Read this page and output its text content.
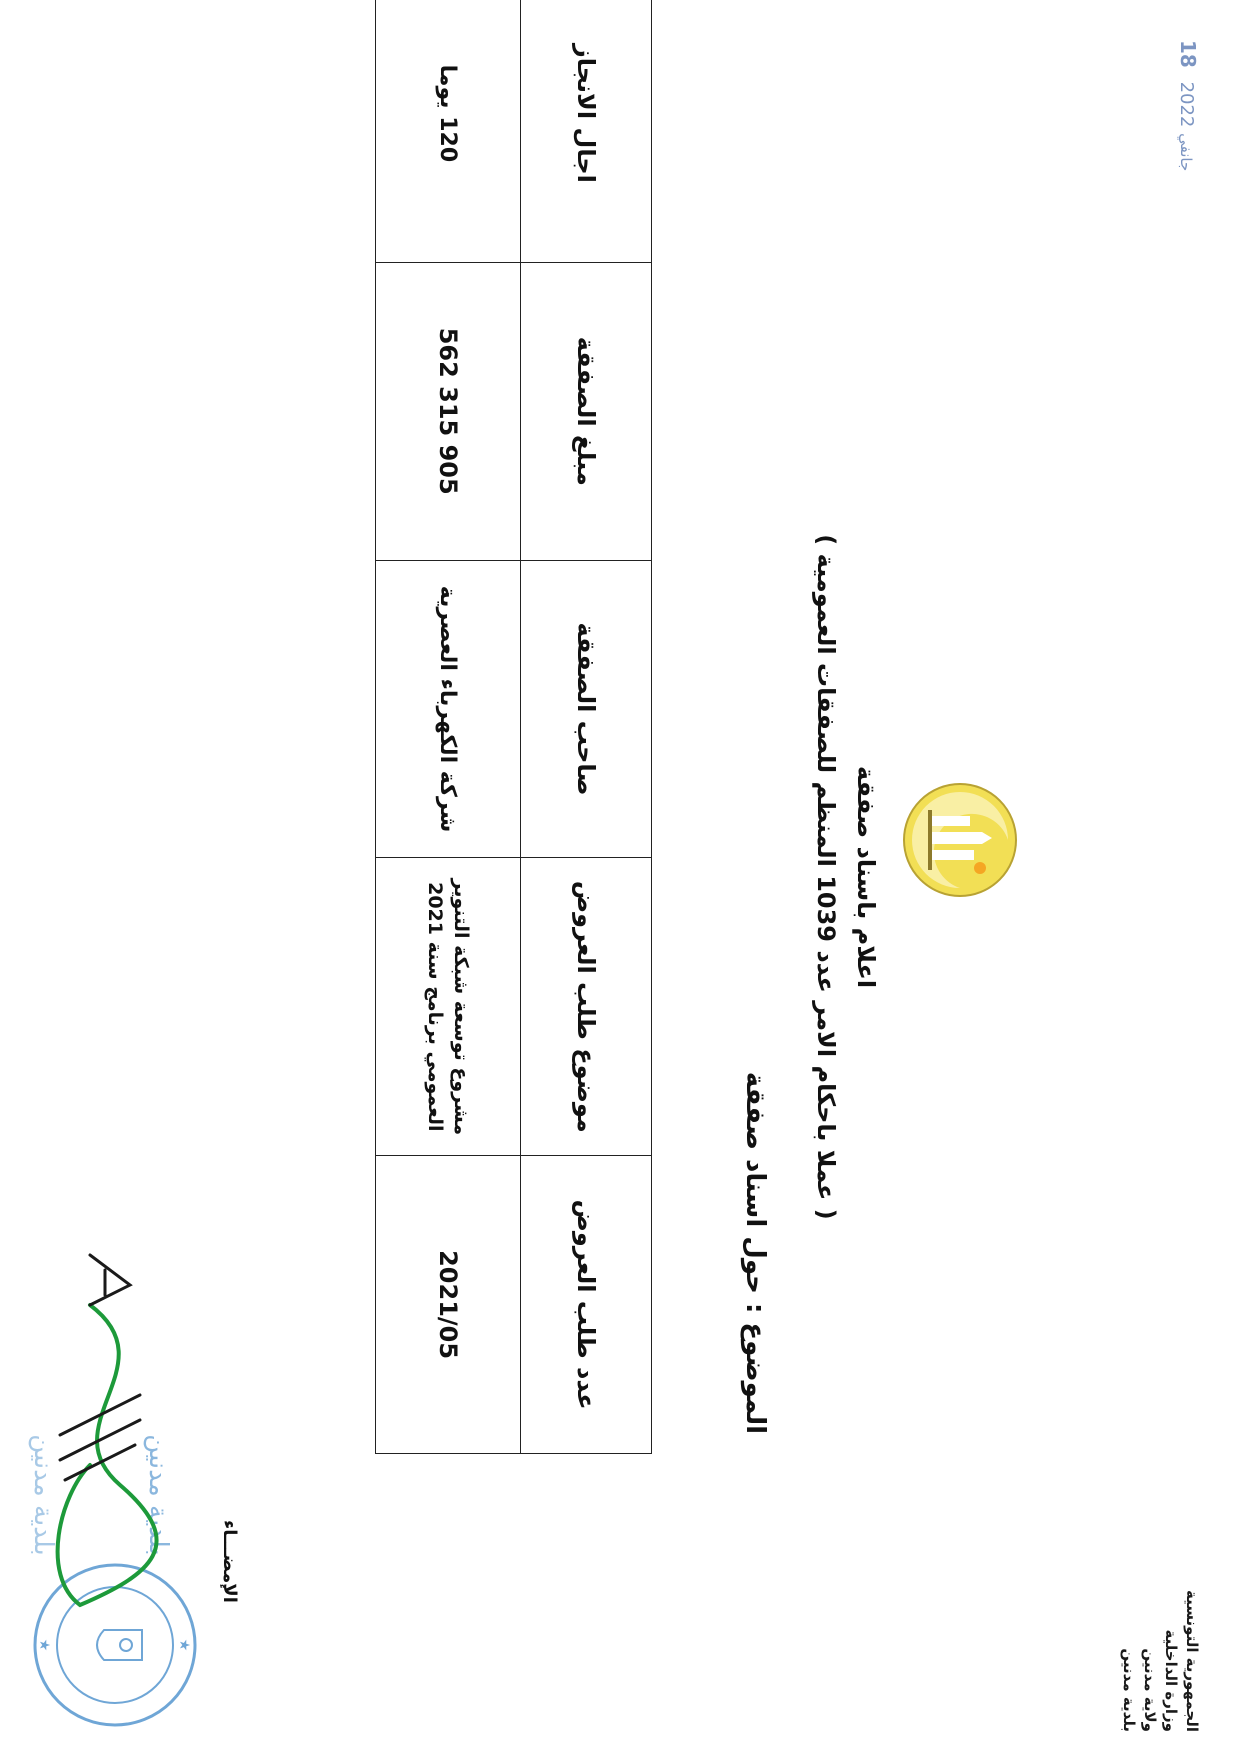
الجمهورية التونسية
وزارة الداخلية
ولاية مدنين
بلدية مدنين
18 جانفي 2022
اعلام باسناد صفقة
( عملا باحكام الامر عدد 1039 المنظم للصفقات العمومية )
الموضوع : حول اسناد صفقة
عدد طلب العروض	موضوع طلب العروض	صاحب الصفقة	مبلغ الصفقة	اجال الانجاز
2021/05	مشروع توسعة شبكة التنوير العمومي برنامج سنة 2021	شركة الكهرباء العصرية	562 315 905	120 يوما
الإمضـــاء
★
★
بلدية مدنين
بلدية مدنين
